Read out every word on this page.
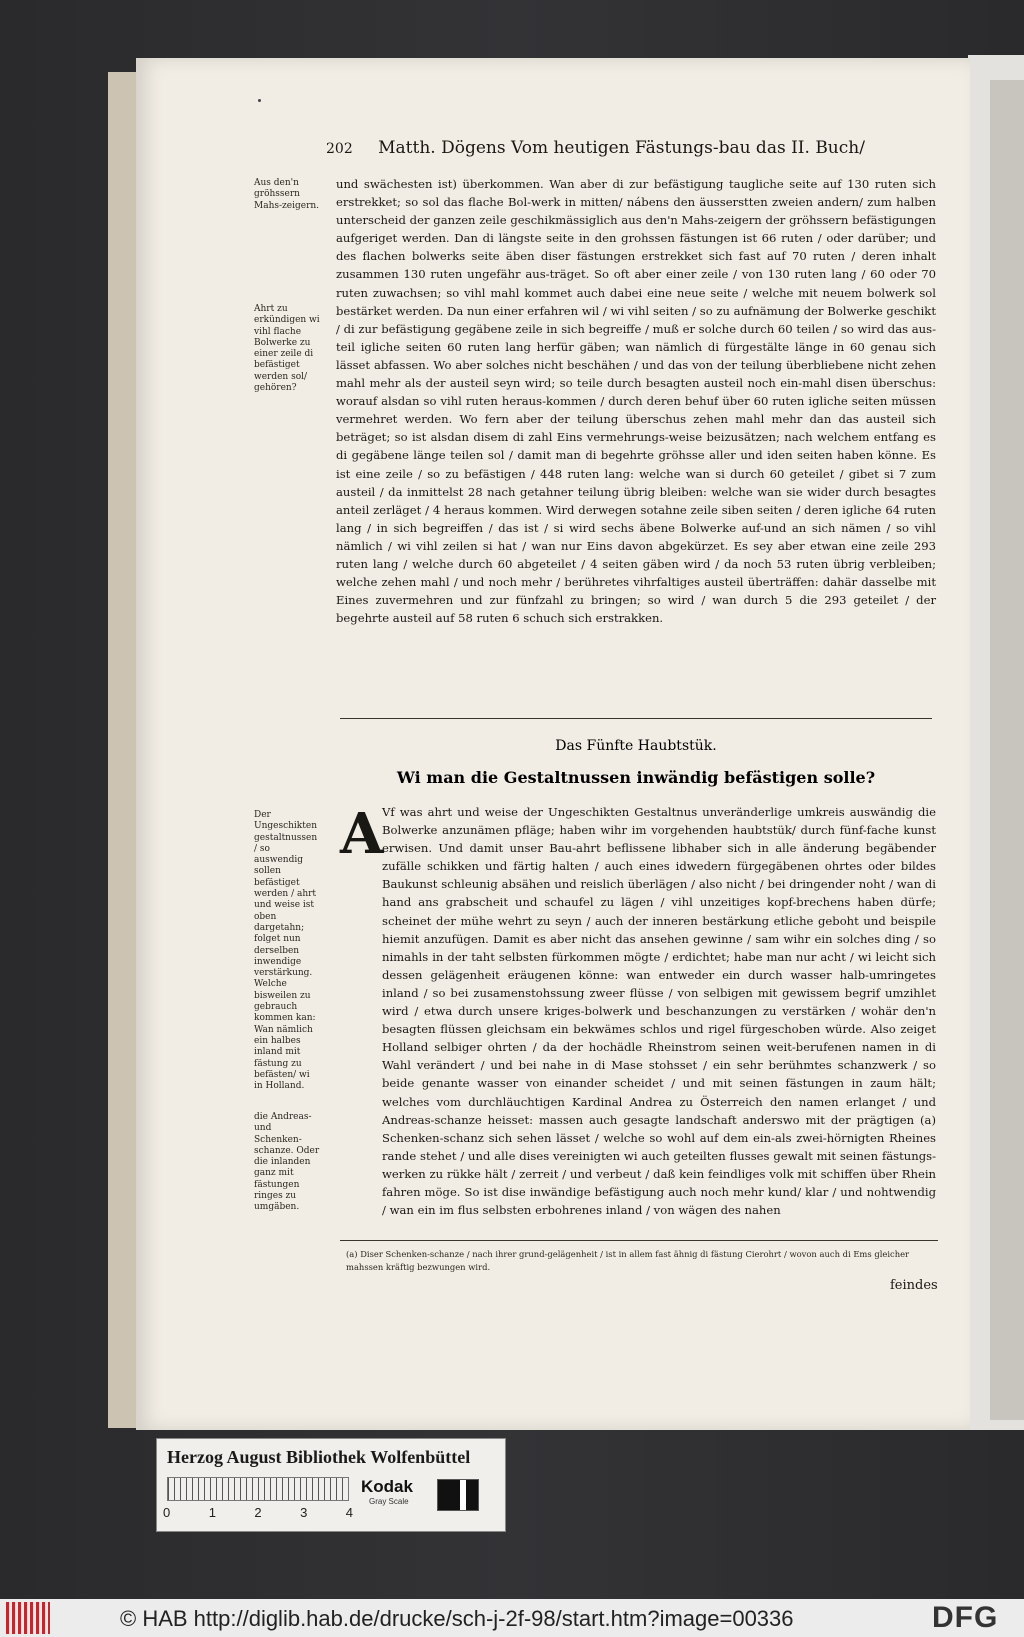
202 Matth. Dögens Vom heutigen Fästungs-bau das II. Buch/
Aus den'n gröhssern Mahs-zeigern.
Ahrt zu erkündigen wi vihl flache Bolwerke zu einer zeile di befästiget werden sol/ gehören?
und swächesten ist) überkommen. Wan aber di zur befästigung taugliche seite auf 130 ruten sich erstrekket; so sol das flache Bol-werk in mitten/ nábens den äusserstten zweien andern/ zum halben unterscheid der ganzen zeile geschikmässiglich aus den'n Mahs-zeigern der gröhssern befästigungen aufgeriget werden. Dan di längste seite in den grohssen fästungen ist 66 ruten / oder darüber; und des flachen bolwerks seite äben diser fästungen erstrekket sich fast auf 70 ruten / deren inhalt zusammen 130 ruten ungefähr aus-träget. So oft aber einer zeile / von 130 ruten lang / 60 oder 70 ruten zuwachsen; so vihl mahl kommet auch dabei eine neue seite / welche mit neuem bolwerk sol bestärket werden. Da nun einer erfahren wil / wi vihl seiten / so zu aufnämung der Bolwerke geschikt / di zur befästigung gegäbene zeile in sich begreiffe / muß er solche durch 60 teilen / so wird das aus-teil igliche seiten 60 ruten lang herfür gäben; wan nämlich di fürgestälte länge in 60 genau sich lässet abfassen. Wo aber solches nicht beschähen / und das von der teilung überbliebene nicht zehen mahl mehr als der austeil seyn wird; so teile durch besagten austeil noch ein-mahl disen überschus: worauf alsdan so vihl ruten heraus-kommen / durch deren behuf über 60 ruten igliche seiten müssen vermehret werden. Wo fern aber der teilung überschus zehen mahl mehr dan das austeil sich beträget; so ist alsdan disem di zahl Eins vermehrungs-weise beizusätzen; nach welchem entfang es di gegäbene länge teilen sol / damit man di begehrte gröhsse aller und iden seiten haben könne. Es ist eine zeile / so zu befästigen / 448 ruten lang: welche wan si durch 60 geteilet / gibet si 7 zum austeil / da inmittelst 28 nach getahner teilung übrig bleiben: welche wan sie wider durch besagtes anteil zerläget / 4 heraus kommen. Wird derwegen sotahne zeile siben seiten / deren igliche 64 ruten lang / in sich begreiffen / das ist / si wird sechs äbene Bolwerke auf-und an sich nämen / so vihl nämlich / wi vihl zeilen si hat / wan nur Eins davon abgekürzet. Es sey aber etwan eine zeile 293 ruten lang / welche durch 60 abgeteilet / 4 seiten gäben wird / da noch 53 ruten übrig verbleiben; welche zehen mahl / und noch mehr / berühretes vihrfaltiges austeil überträffen: dahär dasselbe mit Eines zuvermehren und zur fünfzahl zu bringen; so wird / wan durch 5 die 293 geteilet / der begehrte austeil auf 58 ruten 6 schuch sich erstrakken.
Das Fünfte Haubtstük.
Wi man die Gestaltnussen inwändig befästigen solle?
A
Der Ungeschikten gestaltnussen / so auswendig sollen befästiget werden / ahrt und weise ist oben dargetahn; folget nun derselben inwendige verstärkung. Welche bisweilen zu gebrauch kommen kan: Wan nämlich ein halbes inland mit fästung zu befästen/ wi in Holland.
die Andreas- und Schenken-schanze. Oder die inlanden ganz mit fästungen ringes zu umgäben.
Vf was ahrt und weise der Ungeschikten Gestaltnus unveränderlige umkreis auswändig die Bolwerke anzunämen pfläge; haben wihr im vorgehenden haubtstük/ durch fünf-fache kunst erwisen. Und damit unser Bau-ahrt beflissene libhaber sich in alle änderung begäbender zufälle schikken und färtig halten / auch eines idwedern fürgegäbenen ohrtes oder bildes Baukunst schleunig absähen und reislich überlägen / also nicht / bei dringender noht / wan di hand ans grabscheit und schaufel zu lägen / vihl unzeitiges kopf-brechens haben dürfe; scheinet der mühe wehrt zu seyn / auch der inneren bestärkung etliche geboht und beispile hiemit anzufügen. Damit es aber nicht das ansehen gewinne / sam wihr ein solches ding / so nimahls in der taht selbsten fürkommen mögte / erdichtet; habe man nur acht / wi leicht sich dessen gelägenheit eräugenen könne: wan entweder ein durch wasser halb-umringetes inland / so bei zusamenstohssung zweer flüsse / von selbigen mit gewissem begrif umzihlet wird / etwa durch unsere kriges-bolwerk und beschanzungen zu verstärken / wohär den'n besagten flüssen gleichsam ein bekwämes schlos und rigel fürgeschoben würde. Also zeiget Holland selbiger ohrten / da der hochädle Rheinstrom seinen weit-berufenen namen in di Wahl verändert / und bei nahe in di Mase stohsset / ein sehr berühmtes schanzwerk / so beide genante wasser von einander scheidet / und mit seinen fästungen in zaum hält; welches vom durchläuchtigen Kardinal Andrea zu Österreich den namen erlanget / und Andreas-schanze heisset: massen auch gesagte landschaft anderswo mit der prägtigen (a) Schenken-schanz sich sehen lässet / welche so wohl auf dem ein-als zwei-hörnigten Rheines rande stehet / und alle dises vereinigten wi auch geteilten flusses gewalt mit seinen fästungs-werken zu rükke hält / zerreit / und verbeut / daß kein feindliges volk mit schiffen über Rhein fahren möge. So ist dise inwändige befästigung auch noch mehr kund/ klar / und nohtwendig / wan ein im flus selbsten erbohrenes inland / von wägen des nahen
(a) Diser Schenken-schanze / nach ihrer grund-gelägenheit / ist in allem fast ähnig di fästung Cierohrt / wovon auch di Ems gleicher mahssen kräftig bezwungen wird.
feindes
Herzog August Bibliothek Wolfenbüttel
0	1	2	3	4
Kodak
Gray Scale
© HAB http://diglib.hab.de/drucke/sch-j-2f-98/start.htm?image=00336	DFG
